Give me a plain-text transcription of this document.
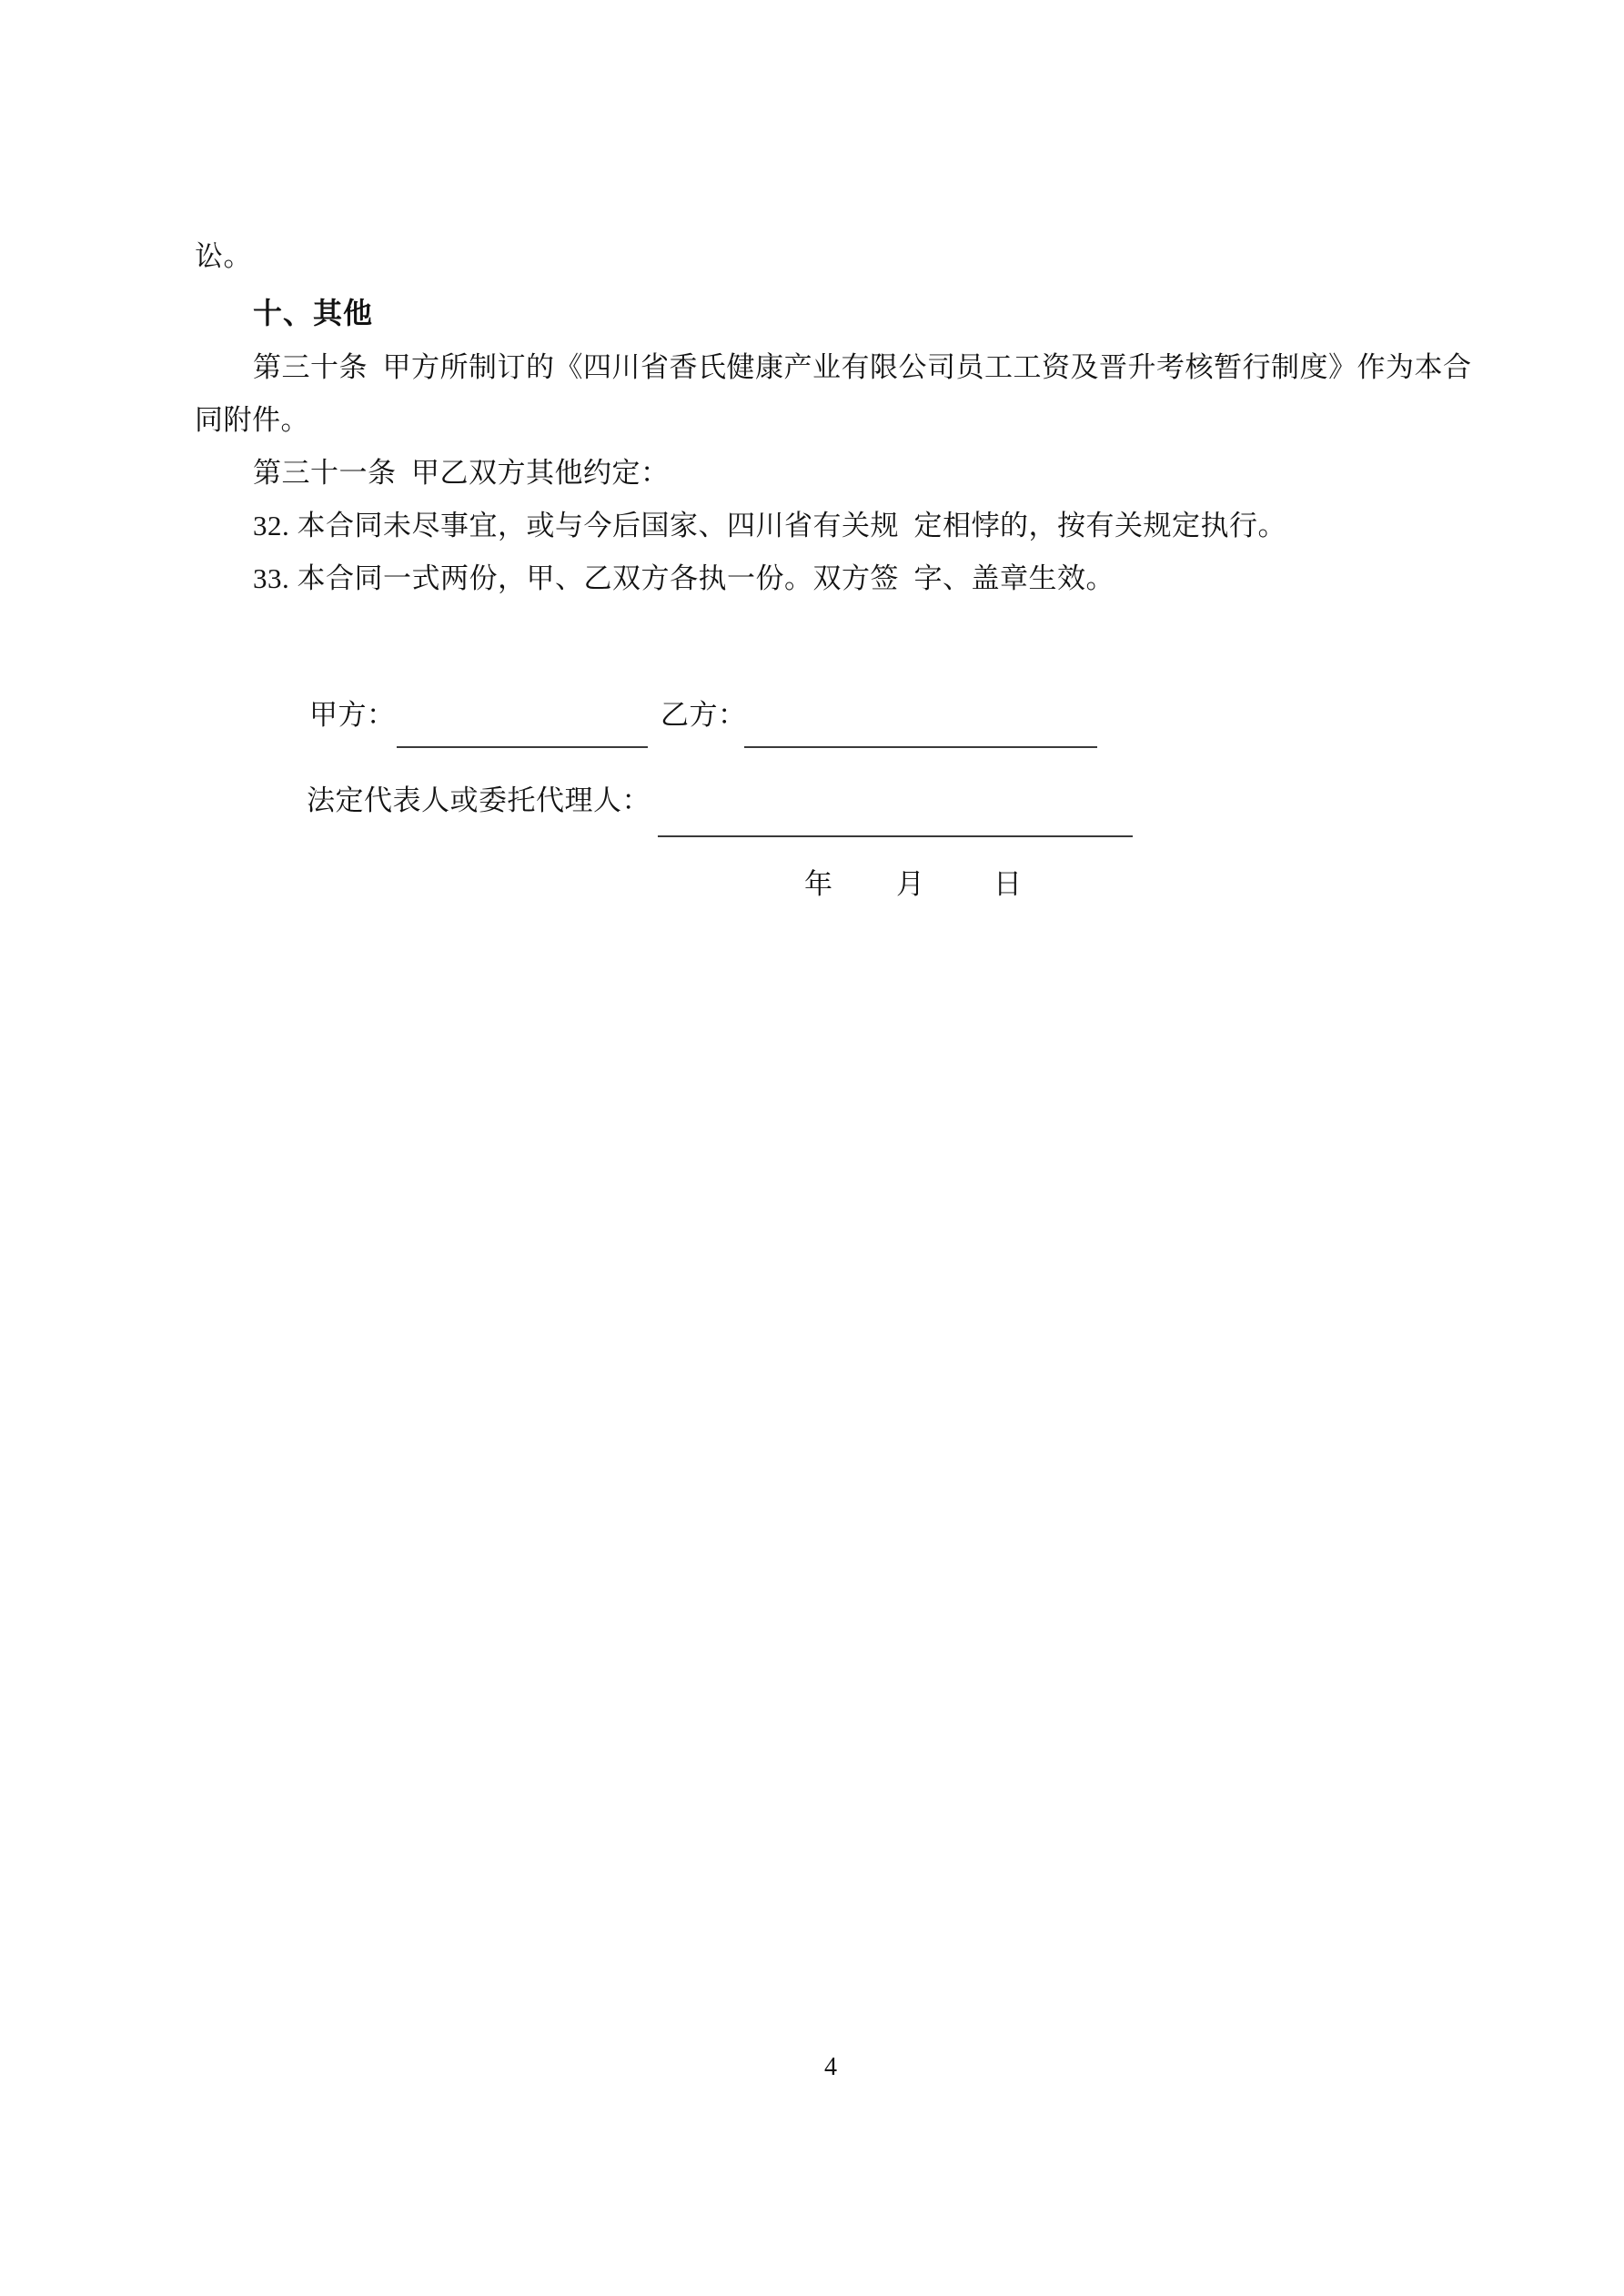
讼。
十、其他
第三十条  甲方所制订的《四川省香氏健康产业有限公司员工工资及晋升考核暂行制度》作为本合
同附件。
第三十一条  甲乙双方其他约定：
32. 本合同未尽事宜，或与今后国家、四川省有关规  定相悖的，按有关规定执行。
33. 本合同一式两份，甲、乙双方各执一份。双方签  字、盖章生效。
甲方：	乙方：
法定代表人或委托代理人：
年 月 日
4
